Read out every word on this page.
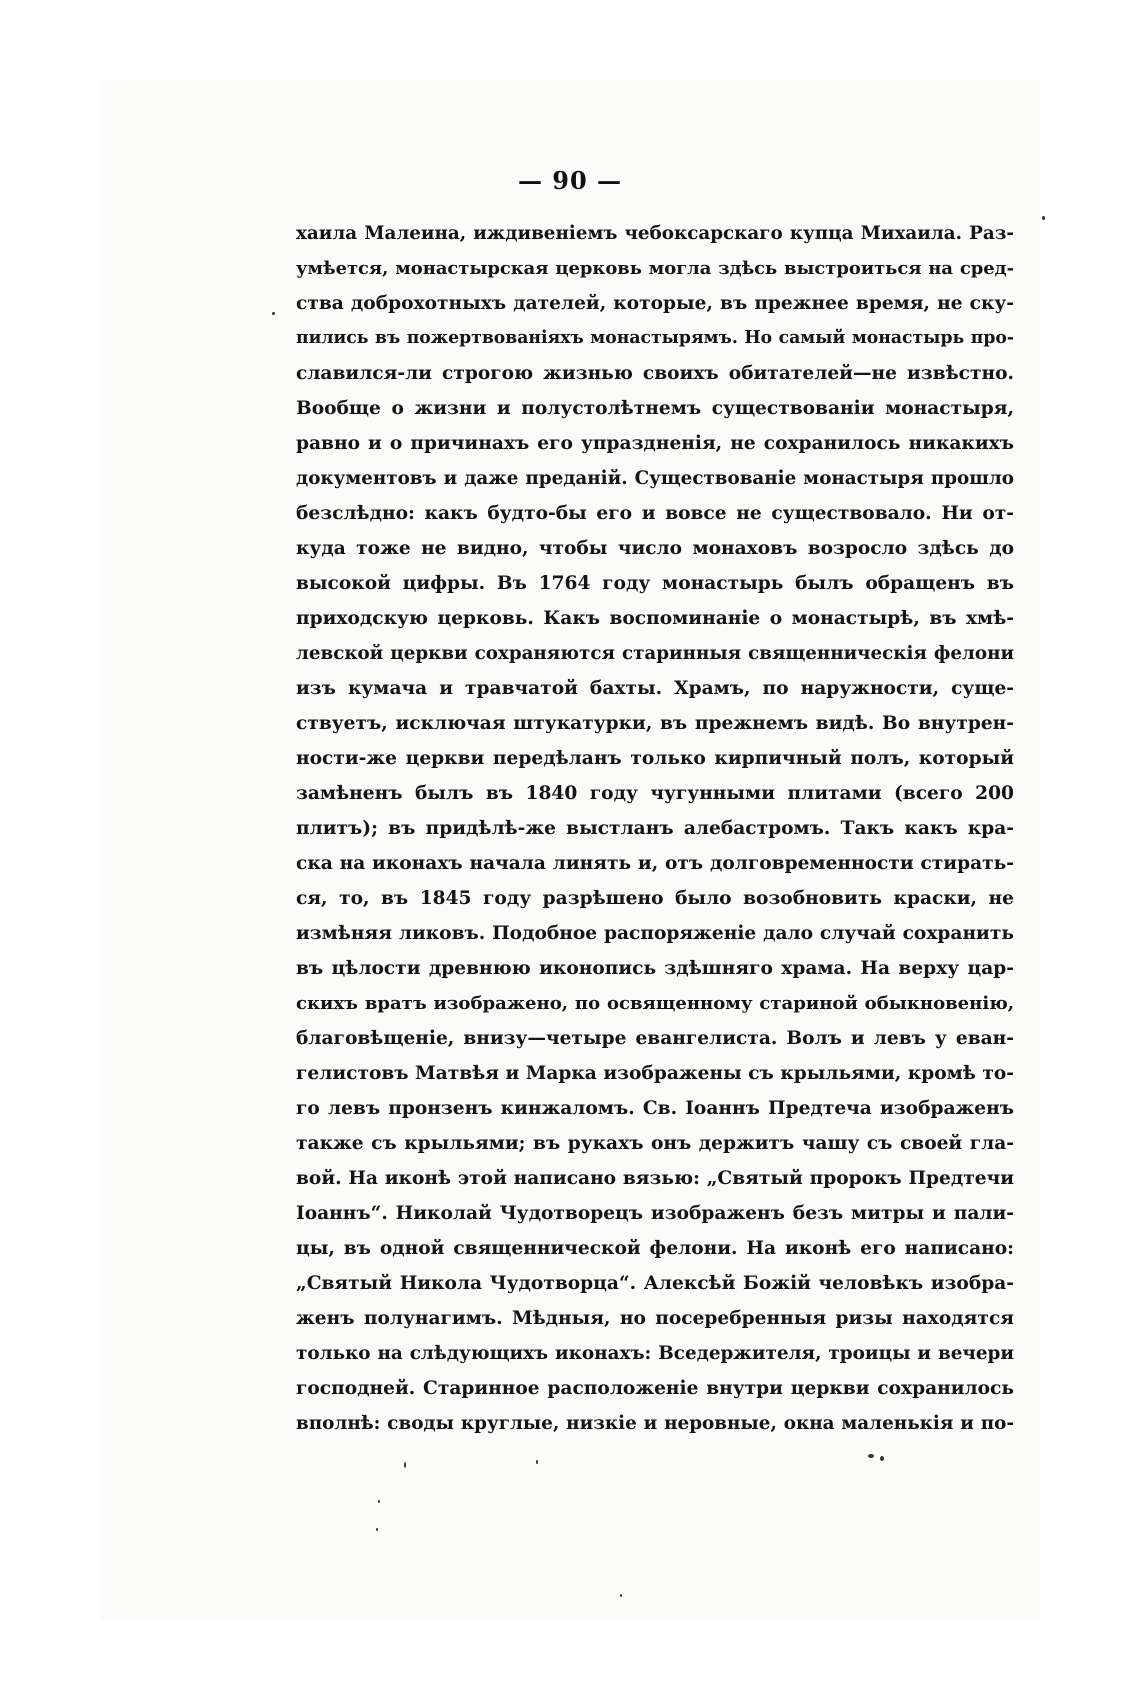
— 90 —
хаила Малеина, иждивеніемъ чебоксарскаго купца Михаила. Раз-
умѣется, монастырская церковь могла здѣсь выстроиться на сред-
ства доброхотныхъ дателей, которые, въ прежнее время, не ску-
пились въ пожертвованіяхъ монастырямъ. Но самый монастырь про-
славился-ли строгою жизнью своихъ обитателей—не извѣстно.
Вообще о жизни и полустолѣтнемъ существованіи монастыря,
равно и о причинахъ его упраздненія, не сохранилось никакихъ
документовъ и даже преданій. Существованіе монастыря прошло
безслѣдно: какъ будто-бы его и вовсе не существовало. Ни от-
куда тоже не видно, чтобы число монаховъ возросло здѣсь до
высокой цифры. Въ 1764 году монастырь былъ обращенъ въ
приходскую церковь. Какъ воспоминаніе о монастырѣ, въ хмѣ-
левской церкви сохраняются старинныя священническія фелони
изъ кумача и травчатой бахты. Храмъ, по наружности, суще-
ствуетъ, исключая штукатурки, въ прежнемъ видѣ. Во внутрен-
ности-же церкви передѣланъ только кирпичный полъ, который
замѣненъ былъ въ 1840 году чугунными плитами (всего 200
плитъ); въ придѣлѣ-же выстланъ алебастромъ. Такъ какъ кра-
ска на иконахъ начала линять и, отъ долговременности стирать-
ся, то, въ 1845 году разрѣшено было возобновить краски, не
измѣняя ликовъ. Подобное распоряженіе дало случай сохранить
въ цѣлости древнюю иконопись здѣшняго храма. На верху цар-
скихъ вратъ изображено, по освященному стариной обыкновенію,
благовѣщеніе, внизу—четыре евангелиста. Волъ и левъ у еван-
гелистовъ Матвѣя и Марка изображены съ крыльями, кромѣ то-
го левъ пронзенъ кинжаломъ. Св. Іоаннъ Предтеча изображенъ
также съ крыльями; въ рукахъ онъ держитъ чашу съ своей гла-
вой. На иконѣ этой написано вязью: „Святый пророкъ Предтечи
Іоаннъ“. Николай Чудотворецъ изображенъ безъ митры и пали-
цы, въ одной священнической фелони. На иконѣ его написано:
„Святый Никола Чудотворца“. Алексѣй Божій человѣкъ изобра-
женъ полунагимъ. Мѣдныя, но посеребренныя ризы находятся
только на слѣдующихъ иконахъ: Вседержителя, троицы и вечери
господней. Старинное расположеніе внутри церкви сохранилось
вполнѣ: своды круглые, низкіе и неровные, окна маленькія и по-
